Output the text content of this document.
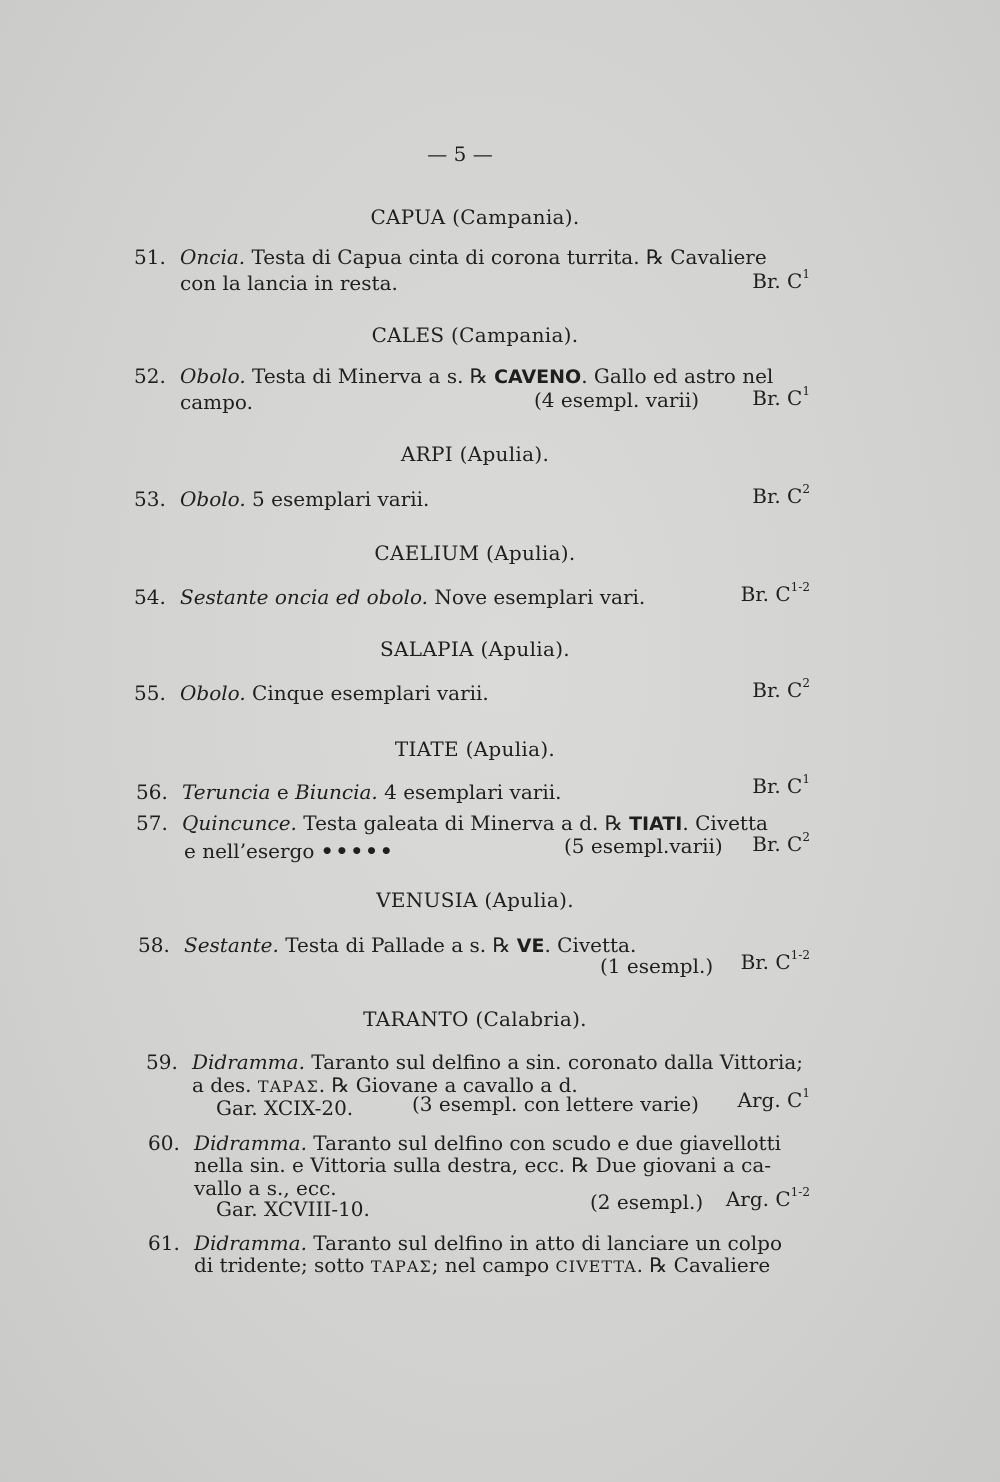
— 5 —
CAPUA (Campania).
51. Oncia. Testa di Capua cinta di corona turrita. ℞ Cavaliere
con la lancia in resta.	Br. $C^1$
CALES (Campania).
52. Obolo. Testa di Minerva a s. ℞ CAVENO. Gallo ed astro nel
campo.	(4 esempl. varii)	Br. $C^1$
ARPI (Apulia).
53. Obolo. 5 esemplari varii.	Br. $C^2$
CAELIUM (Apulia).
54. Sestante oncia ed obolo. Nove esemplari vari.	Br. $C^{1-2}$
SALAPIA (Apulia).
55. Obolo. Cinque esemplari varii.	Br. $C^2$
TIATE (Apulia).
56. Teruncia e Biuncia. 4 esemplari varii.	Br. $C^1$
57. Quincunce. Testa galeata di Minerva a d. ℞ TIATI. Civetta
e nell’esergo •••••	(5 esempl.varii) Br. $C^2$
VENUSIA (Apulia).
58. Sestante. Testa di Pallade a s. ℞ VE. Civetta.
(1 esempl.) Br. $C^{1-2}$
TARANTO (Calabria).
59. Didramma. Taranto sul delfino a sin. coronato dalla Vittoria;
a des. ΤΑΡΑΣ. ℞ Giovane a cavallo a d.
Gar. XCIX-20.	(3 esempl. con lettere varie) Arg. $C^1$
60. Didramma. Taranto sul delfino con scudo e due giavellotti
nella sin. e Vittoria sulla destra, ecc. ℞ Due giovani a ca-
vallo a s., ecc.
Gar. XCVIII-10.	(2 esempl.) Arg. $C^{1-2}$
61. Didramma. Taranto sul delfino in atto di lanciare un colpo
di tridente; sotto ΤΑΡΑΣ; nel campo CIVETTA. ℞ Cavaliere
